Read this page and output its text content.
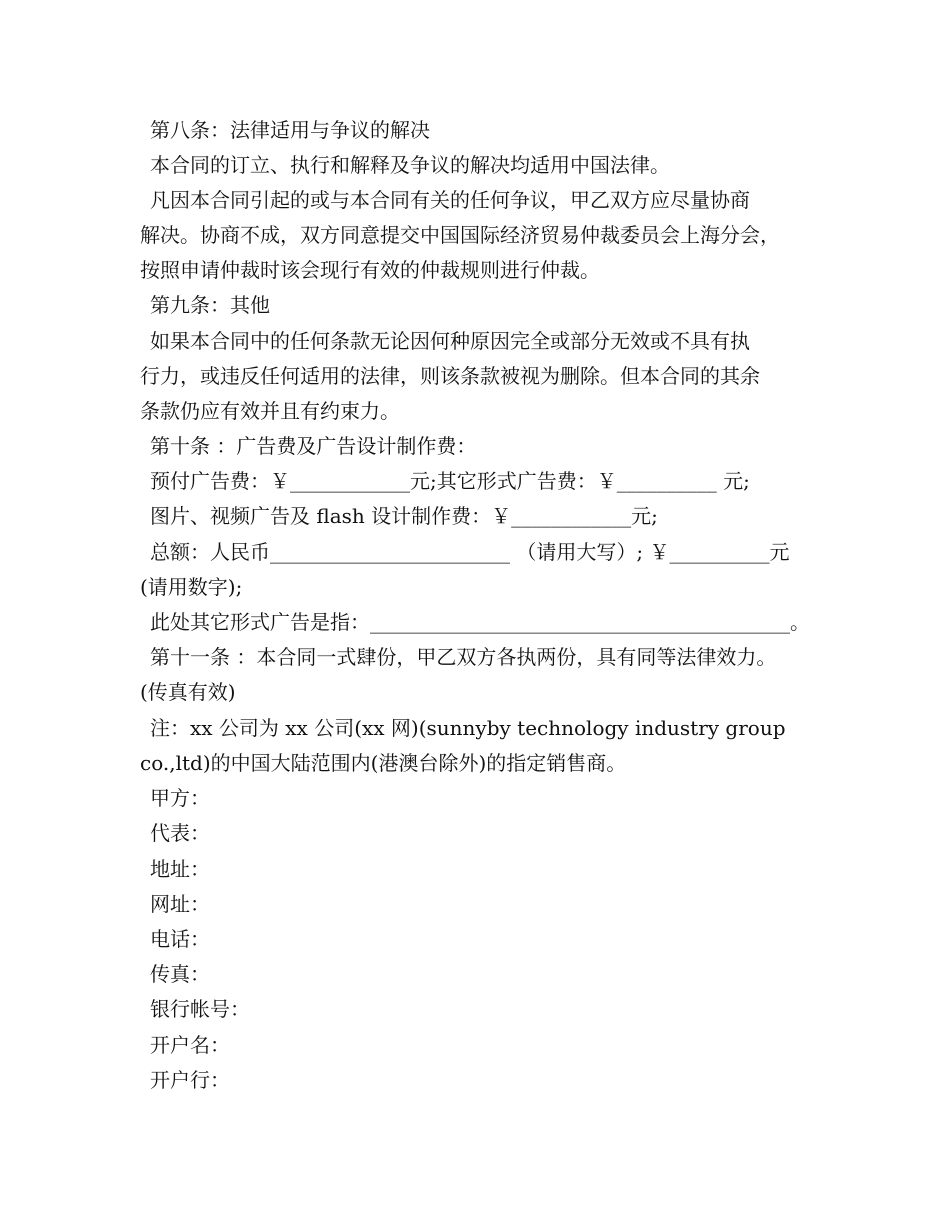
第八条：法律适用与争议的解决
本合同的订立、执行和解释及争议的解决均适用中国法律。
凡因本合同引起的或与本合同有关的任何争议，甲乙双方应尽量协商
解决。协商不成，双方同意提交中国国际经济贸易仲裁委员会上海分会，
按照申请仲裁时该会现行有效的仲裁规则进行仲裁。
第九条：其他
如果本合同中的任何条款无论因何种原因完全或部分无效或不具有执
行力，或违反任何适用的法律，则该条款被视为删除。但本合同的其余
条款仍应有效并且有约束力。
第十条 ：广告费及广告设计制作费：
预付广告费：￥____________元;其它形式广告费：￥__________ 元;
图片、视频广告及 flash 设计制作费：￥____________元;
总额：人民币________________________ （请用大写）; ￥__________元
(请用数字);
此处其它形式广告是指：__________________________________________。
第十一条 ：本合同一式肆份，甲乙双方各执两份，具有同等法律效力。
(传真有效)
注：xx 公司为 xx 公司(xx 网)(sunnyby technology industry group
co.,ltd)的中国大陆范围内(港澳台除外)的指定销售商。
甲方：
代表：
地址：
网址：
电话：
传真：
银行帐号：
开户名：
开户行：
